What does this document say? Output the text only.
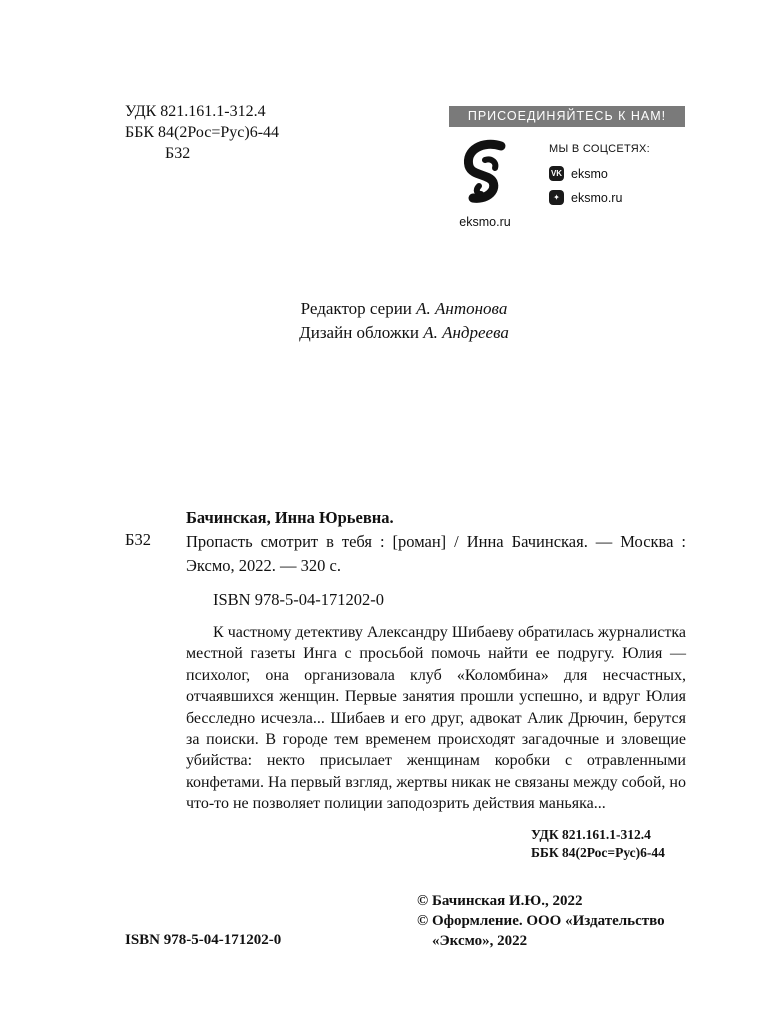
УДК 821.161.1-312.4
ББК 84(2Рос=Рус)6-44
Б32
ПРИСОЕДИНЯЙТЕСЬ К НАМ!
eksmo.ru
МЫ В СОЦСЕТЯХ:
VK eksmo
✦ eksmo.ru
Редактор серии А. Антонова
Дизайн обложки А. Андреева
Бачинская, Инна Юрьевна.
Б32 Пропасть смотрит в тебя : [роман] / Инна Бачинская. — Москва : Эксмо, 2022. — 320 с.
ISBN 978-5-04-171202-0
К частному детективу Александру Шибаеву обратилась журналистка местной газеты Инга с просьбой помочь найти ее подругу. Юлия — психолог, она организовала клуб «Коломбина» для несчастных, отчаявшихся женщин. Первые занятия прошли успешно, и вдруг Юлия бесследно исчезла... Шибаев и его друг, адвокат Алик Дрючин, берутся за поиски. В городе тем временем происходят загадочные и зловещие убийства: некто присылает женщинам коробки с отравленными конфетами. На первый взгляд, жертвы никак не связаны между собой, но что-то не позволяет полиции заподозрить действия маньяка...
УДК 821.161.1-312.4
ББК 84(2Рос=Рус)6-44
© Бачинская И.Ю., 2022
© Оформление. ООО «Издательство
«Эксмо», 2022
ISBN 978-5-04-171202-0
